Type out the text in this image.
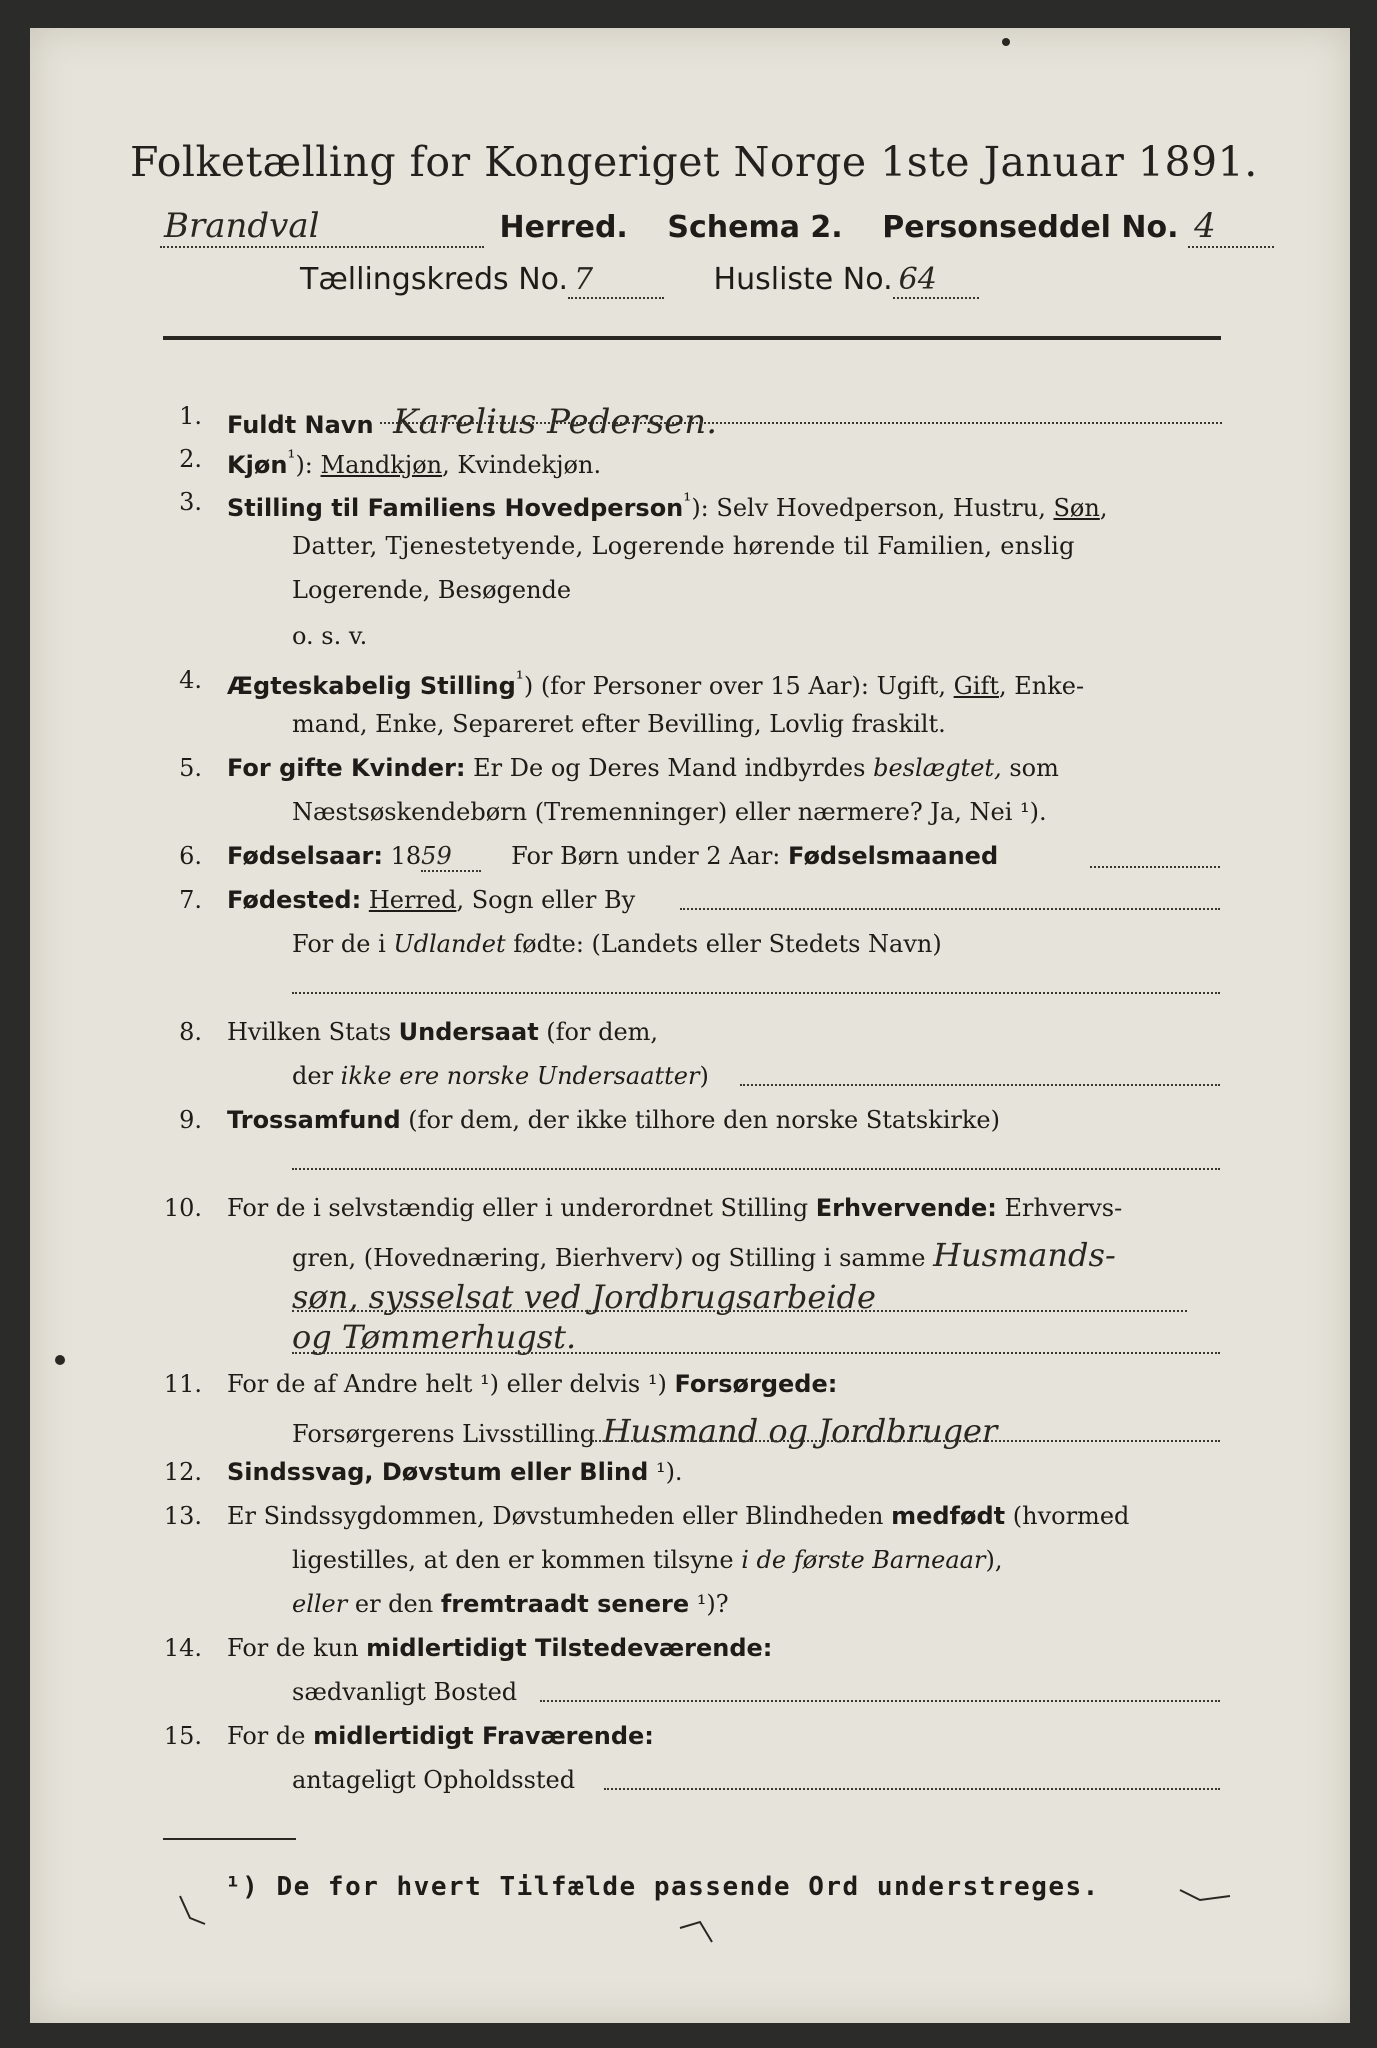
Folketælling for Kongeriget Norge 1ste Januar 1891.
Brandval	Herred. Schema 2. Personseddel No. 4
Tællingskreds No. 7	Husliste No. 64
1. Fuldt Navn Karelius Pedersen.
2. Kjøn$^{^1}$): Mandkjøn, Kvindekjøn.
3. Stilling til Familiens Hovedperson$^{^1}$): Selv Hovedperson, Hustru, Søn,
Datter, Tjenestetyende, Logerende hørende til Familien, enslig
Logerende, Besøgende
o. s. v.
4. Ægteskabelig Stilling$^{^1}$) (for Personer over 15 Aar): Ugift, Gift, Enke-
mand, Enke, Separeret efter Bevilling, Lovlig fraskilt.
5. For gifte Kvinder: Er De og Deres Mand indbyrdes beslægtet, som
Næstsøskendebørn (Tremenninger) eller nærmere? Ja, Nei ¹).
6. Fødselsaar: 1859 For Børn under 2 Aar: Fødselsmaaned
7. Fødested: Herred, Sogn eller By
For de i Udlandet fødte: (Landets eller Stedets Navn)
8. Hvilken Stats Undersaat (for dem,
der ikke ere norske Undersaatter)
9. Trossamfund (for dem, der ikke tilhore den norske Statskirke)
10. For de i selvstændig eller i underordnet Stilling Erhvervende: Erhvervs-
gren, (Hovednæring, Bierhverv) og Stilling i samme Husmands-
søn, sysselsat ved Jordbrugsarbeide
og Tømmerhugst.
11. For de af Andre helt ¹) eller delvis ¹) Forsørgede:
Forsørgerens Livsstilling Husmand og Jordbruger
12. Sindssvag, Døvstum eller Blind ¹).
13. Er Sindssygdommen, Døvstumheden eller Blindheden medfødt (hvormed
ligestilles, at den er kommen tilsyne i de første Barneaar),
eller er den fremtraadt senere ¹)?
14. For de kun midlertidigt Tilstedeværende:
sædvanligt Bosted
15. For de midlertidigt Fraværende:
antageligt Opholdssted
¹) De for hvert Tilfælde passende Ord understreges.
